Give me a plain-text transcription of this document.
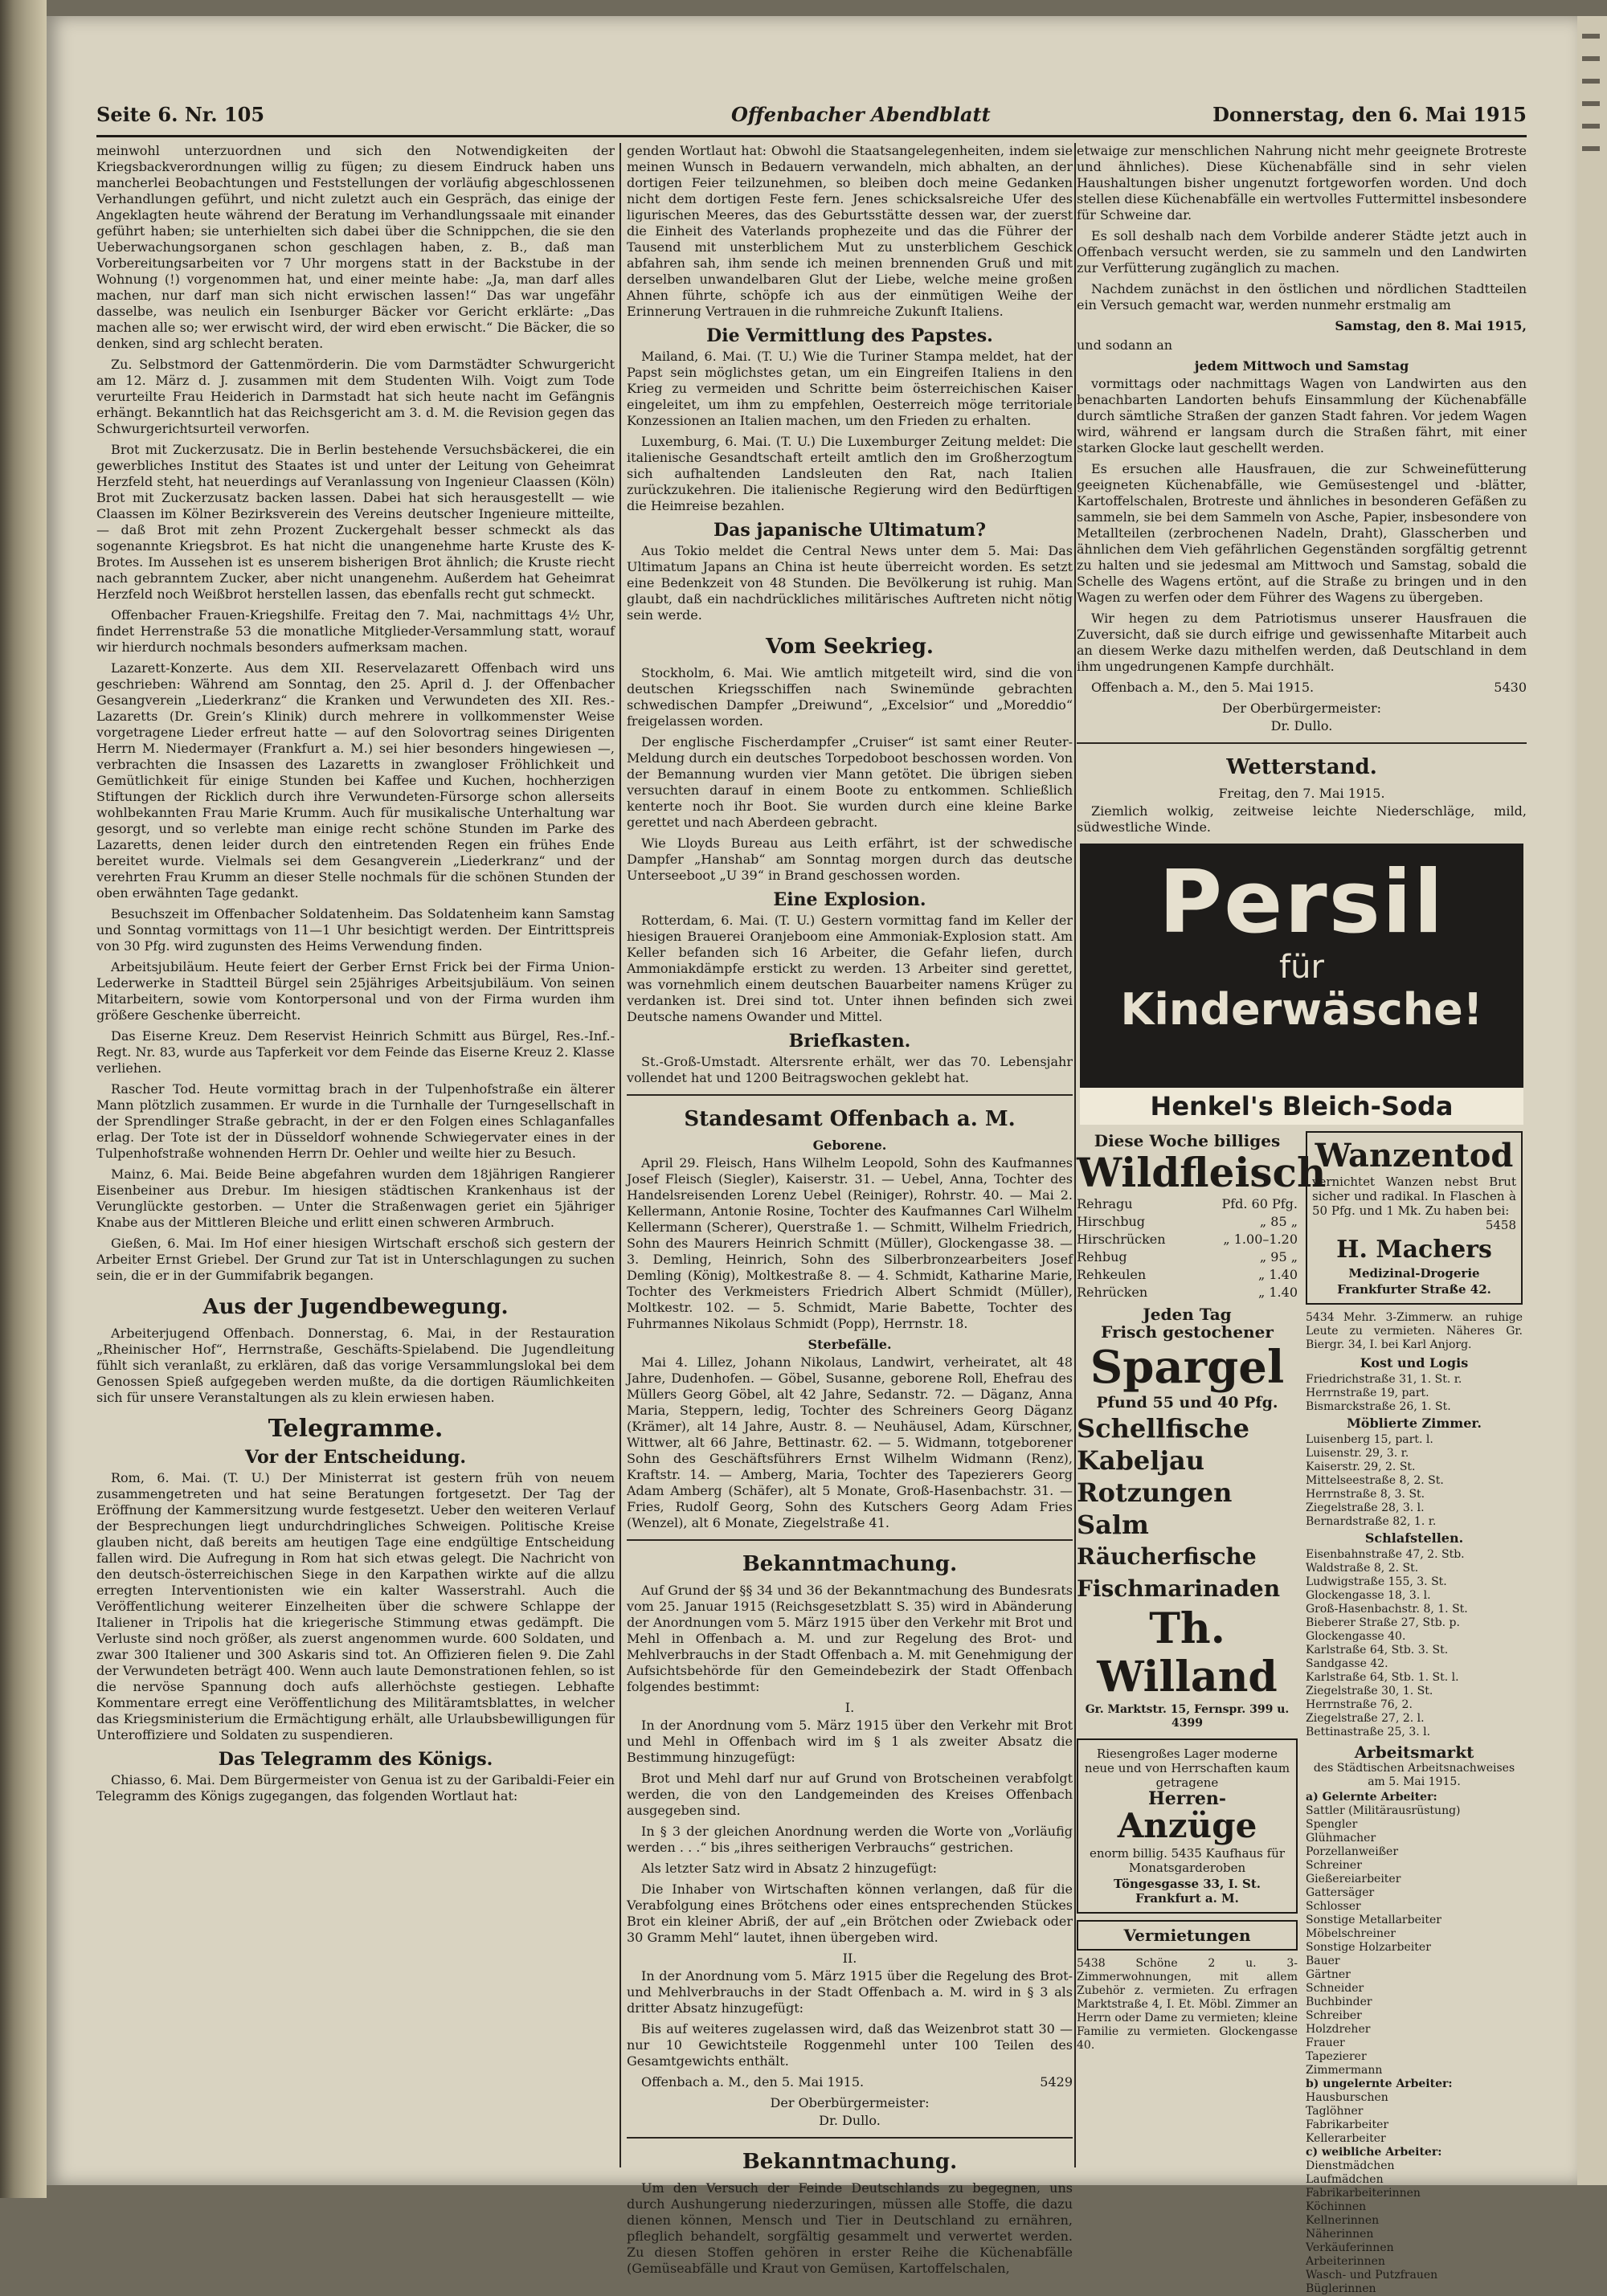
Seite 6. Nr. 105	Offenbacher Abendblatt	Donnerstag, den 6. Mai 1915

meinwohl unterzuordnen und sich den Notwendigkeiten der Kriegsbackverordnungen willig zu fügen; zu diesem Eindruck haben uns mancherlei Beobachtungen und Feststellungen der vorläufig abgeschlossenen Verhandlungen geführt, und nicht zuletzt auch ein Gespräch, das einige der Angeklagten heute während der Beratung im Verhandlungssaale mit einander geführt haben; sie unterhielten sich dabei über die Schnippchen, die sie den Ueberwachungsorganen schon geschlagen haben, z. B., daß man Vorbereitungsarbeiten vor 7 Uhr morgens statt in der Backstube in der Wohnung (!) vorgenommen hat, und einer meinte habe: „Ja, man darf alles machen, nur darf man sich nicht erwischen lassen!“ Das war ungefähr dasselbe, was neulich ein Isenburger Bäcker vor Gericht erklärte: „Das machen alle so; wer erwischt wird, der wird eben erwischt.“ Die Bäcker, die so denken, sind arg schlecht beraten.

Zu. Selbstmord der Gattenmörderin. Die vom Darmstädter Schwurgericht am 12. März d. J. zusammen mit dem Studenten Wilh. Voigt zum Tode verurteilte Frau Heiderich in Darmstadt hat sich heute nacht im Gefängnis erhängt. Bekanntlich hat das Reichsgericht am 3. d. M. die Revision gegen das Schwurgerichtsurteil verworfen.

Brot mit Zuckerzusatz. Die in Berlin bestehende Versuchsbäckerei, die ein gewerbliches Institut des Staates ist und unter der Leitung von Geheimrat Herzfeld steht, hat neuerdings auf Veranlassung von Ingenieur Claassen (Köln) Brot mit Zuckerzusatz backen lassen. Dabei hat sich herausgestellt — wie Claassen im Kölner Bezirksverein des Vereins deutscher Ingenieure mitteilte, — daß Brot mit zehn Prozent Zuckergehalt besser schmeckt als das sogenannte Kriegsbrot. Es hat nicht die unangenehme harte Kruste des K-Brotes. Im Aussehen ist es unserem bisherigen Brot ähnlich; die Kruste riecht nach gebranntem Zucker, aber nicht unangenehm. Außerdem hat Geheimrat Herzfeld noch Weißbrot herstellen lassen, das ebenfalls recht gut schmeckt.

Offenbacher Frauen-Kriegshilfe. Freitag den 7. Mai, nachmittags 4½ Uhr, findet Herrenstraße 53 die monatliche Mitglieder-Versammlung statt, worauf wir hierdurch nochmals besonders aufmerksam machen.

Lazarett-Konzerte. Aus dem XII. Reservelazarett Offenbach wird uns geschrieben: Während am Sonntag, den 25. April d. J. der Offenbacher Gesangverein „Liederkranz“ die Kranken und Verwundeten des XII. Res.-Lazaretts (Dr. Grein’s Klinik) durch mehrere in vollkommenster Weise vorgetragene Lieder erfreut hatte — auf den Solovortrag seines Dirigenten Herrn M. Niedermayer (Frankfurt a. M.) sei hier besonders hingewiesen —, verbrachten die Insassen des Lazaretts in zwangloser Fröhlichkeit und Gemütlichkeit für einige Stunden bei Kaffee und Kuchen, hochherzigen Stiftungen der Ricklich durch ihre Verwundeten-Fürsorge schon allerseits wohlbekannten Frau Marie Krumm. Auch für musikalische Unterhaltung war gesorgt, und so verlebte man einige recht schöne Stunden im Parke des Lazaretts, denen leider durch den eintretenden Regen ein frühes Ende bereitet wurde. Vielmals sei dem Gesangverein „Liederkranz“ und der verehrten Frau Krumm an dieser Stelle nochmals für die schönen Stunden der oben erwähnten Tage gedankt.

Besuchszeit im Offenbacher Soldatenheim. Das Soldatenheim kann Samstag und Sonntag vormittags von 11—1 Uhr besichtigt werden. Der Eintrittspreis von 30 Pfg. wird zugunsten des Heims Verwendung finden.

Arbeitsjubiläum. Heute feiert der Gerber Ernst Frick bei der Firma Union-Lederwerke in Stadtteil Bürgel sein 25jähriges Arbeitsjubiläum. Von seinen Mitarbeitern, sowie vom Kontorpersonal und von der Firma wurden ihm größere Geschenke überreicht.

Das Eiserne Kreuz. Dem Reservist Heinrich Schmitt aus Bürgel, Res.-Inf.-Regt. Nr. 83, wurde aus Tapferkeit vor dem Feinde das Eiserne Kreuz 2. Klasse verliehen.

Rascher Tod. Heute vormittag brach in der Tulpenhofstraße ein älterer Mann plötzlich zusammen. Er wurde in die Turnhalle der Turngesellschaft in der Sprendlinger Straße gebracht, in der er den Folgen eines Schlaganfalles erlag. Der Tote ist der in Düsseldorf wohnende Schwiegervater eines in der Tulpenhofstraße wohnenden Herrn Dr. Oehler und weilte hier zu Besuch.

Mainz, 6. Mai. Beide Beine abgefahren wurden dem 18jährigen Rangierer Eisenbeiner aus Drebur. Im hiesigen städtischen Krankenhaus ist der Verunglückte gestorben. — Unter die Straßenwagen geriet ein 5jähriger Knabe aus der Mittleren Bleiche und erlitt einen schweren Armbruch.

Gießen, 6. Mai. Im Hof einer hiesigen Wirtschaft erschoß sich gestern der Arbeiter Ernst Griebel. Der Grund zur Tat ist in Unterschlagungen zu suchen sein, die er in der Gummifabrik begangen.

Aus der Jugendbewegung.

Arbeiterjugend Offenbach. Donnerstag, 6. Mai, in der Restauration „Rheinischer Hof“, Herrnstraße, Geschäfts-Spielabend. Die Jugendleitung fühlt sich veranlaßt, zu erklären, daß das vorige Versammlungslokal bei dem Genossen Spieß aufgegeben werden mußte, da die dortigen Räumlichkeiten sich für unsere Veranstaltungen als zu klein erwiesen haben.

Telegramme.
Vor der Entscheidung.

Rom, 6. Mai. (T. U.) Der Ministerrat ist gestern früh von neuem zusammengetreten und hat seine Beratungen fortgesetzt. Der Tag der Eröffnung der Kammersitzung wurde festgesetzt. Ueber den weiteren Verlauf der Besprechungen liegt undurchdringliches Schweigen. Politische Kreise glauben nicht, daß bereits am heutigen Tage eine endgültige Entscheidung fallen wird. Die Aufregung in Rom hat sich etwas gelegt. Die Nachricht von den deutsch-österreichischen Siege in den Karpathen wirkte auf die allzu erregten Interventionisten wie ein kalter Wasserstrahl. Auch die Veröffentlichung weiterer Einzelheiten über die schwere Schlappe der Italiener in Tripolis hat die kriegerische Stimmung etwas gedämpft. Die Verluste sind noch größer, als zuerst angenommen wurde. 600 Soldaten, und zwar 300 Italiener und 300 Askaris sind tot. An Offizieren fielen 9. Die Zahl der Verwundeten beträgt 400. Wenn auch laute Demonstrationen fehlen, so ist die nervöse Spannung doch aufs allerhöchste gestiegen. Lebhafte Kommentare erregt eine Veröffentlichung des Militäramtsblattes, in welcher das Kriegsministerium die Ermächtigung erhält, alle Urlaubsbewilligungen für Unteroffiziere und Soldaten zu suspendieren.

Das Telegramm des Königs.

Chiasso, 6. Mai. Dem Bürgermeister von Genua ist zu der Garibaldi-Feier ein Telegramm des Königs zugegangen, das folgenden Wortlaut hat:

genden Wortlaut hat: Obwohl die Staatsangelegenheiten, indem sie meinen Wunsch in Bedauern verwandeln, mich abhalten, an der dortigen Feier teilzunehmen, so bleiben doch meine Gedanken nicht dem dortigen Feste fern. Jenes schicksalsreiche Ufer des ligurischen Meeres, das des Geburtsstätte dessen war, der zuerst die Einheit des Vaterlands prophezeite und das die Führer der Tausend mit unsterblichem Mut zu unsterblichem Geschick abfahren sah, ihm sende ich meinen brennenden Gruß und mit derselben unwandelbaren Glut der Liebe, welche meine großen Ahnen führte, schöpfe ich aus der einmütigen Weihe der Erinnerung Vertrauen in die ruhmreiche Zukunft Italiens.

Die Vermittlung des Papstes.

Mailand, 6. Mai. (T. U.) Wie die Turiner Stampa meldet, hat der Papst sein möglichstes getan, um ein Eingreifen Italiens in den Krieg zu vermeiden und Schritte beim österreichischen Kaiser eingeleitet, um ihm zu empfehlen, Oesterreich möge territoriale Konzessionen an Italien machen, um den Frieden zu erhalten.

Luxemburg, 6. Mai. (T. U.) Die Luxemburger Zeitung meldet: Die italienische Gesandtschaft erteilt amtlich den im Großherzogtum sich aufhaltenden Landsleuten den Rat, nach Italien zurückzukehren. Die italienische Regierung wird den Bedürftigen die Heimreise bezahlen.

Das japanische Ultimatum?

Aus Tokio meldet die Central News unter dem 5. Mai: Das Ultimatum Japans an China ist heute überreicht worden. Es setzt eine Bedenkzeit von 48 Stunden. Die Bevölkerung ist ruhig. Man glaubt, daß ein nachdrückliches militärisches Auftreten nicht nötig sein werde.

Vom Seekrieg.

Stockholm, 6. Mai. Wie amtlich mitgeteilt wird, sind die von deutschen Kriegsschiffen nach Swinemünde gebrachten schwedischen Dampfer „Dreiwund“, „Excelsior“ und „Moreddio“ freigelassen worden.

Der englische Fischerdampfer „Cruiser“ ist samt einer Reuter-Meldung durch ein deutsches Torpedoboot beschossen worden. Von der Bemannung wurden vier Mann getötet. Die übrigen sieben versuchten darauf in einem Boote zu entkommen. Schließlich kenterte noch ihr Boot. Sie wurden durch eine kleine Barke gerettet und nach Aberdeen gebracht.

Wie Lloyds Bureau aus Leith erfährt, ist der schwedische Dampfer „Hanshab“ am Sonntag morgen durch das deutsche Unterseeboot „U 39“ in Brand geschossen worden.

Eine Explosion.

Rotterdam, 6. Mai. (T. U.) Gestern vormittag fand im Keller der hiesigen Brauerei Oranjeboom eine Ammoniak-Explosion statt. Am Keller befanden sich 16 Arbeiter, die Gefahr liefen, durch Ammoniakdämpfe erstickt zu werden. 13 Arbeiter sind gerettet, was vornehmlich einem deutschen Bauarbeiter namens Krüger zu verdanken ist. Drei sind tot. Unter ihnen befinden sich zwei Deutsche namens Owander und Mittel.

Briefkasten.

St.-Groß-Umstadt. Altersrente erhält, wer das 70. Lebensjahr vollendet hat und 1200 Beitragswochen geklebt hat.

Standesamt Offenbach a. M.
Geborene.

April 29. Fleisch, Hans Wilhelm Leopold, Sohn des Kaufmannes Josef Fleisch (Siegler), Kaiserstr. 31. — Uebel, Anna, Tochter des Handelsreisenden Lorenz Uebel (Reiniger), Rohrstr. 40. — Mai 2. Kellermann, Antonie Rosine, Tochter des Kaufmannes Carl Wilhelm Kellermann (Scherer), Querstraße 1. — Schmitt, Wilhelm Friedrich, Sohn des Maurers Heinrich Schmitt (Müller), Glockengasse 38. — 3. Demling, Heinrich, Sohn des Silberbronzearbeiters Josef Demling (König), Moltkestraße 8. — 4. Schmidt, Katharine Marie, Tochter des Verkmeisters Friedrich Albert Schmidt (Müller), Moltkestr. 102. — 5. Schmidt, Marie Babette, Tochter des Fuhrmannes Nikolaus Schmidt (Popp), Herrnstr. 18.

Sterbefälle.

Mai 4. Lillez, Johann Nikolaus, Landwirt, verheiratet, alt 48 Jahre, Dudenhofen. — Göbel, Susanne, geborene Roll, Ehefrau des Müllers Georg Göbel, alt 42 Jahre, Sedanstr. 72. — Däganz, Anna Maria, Steppern, ledig, Tochter des Schreiners Georg Däganz (Krämer), alt 14 Jahre, Austr. 8. — Neuhäusel, Adam, Kürschner, Wittwer, alt 66 Jahre, Bettinastr. 62. — 5. Widmann, totgeborener Sohn des Geschäftsführers Ernst Wilhelm Widmann (Renz), Kraftstr. 14. — Amberg, Maria, Tochter des Tapezierers Georg Adam Amberg (Schäfer), alt 5 Monate, Groß-Hasenbachstr. 31. — Fries, Rudolf Georg, Sohn des Kutschers Georg Adam Fries (Wenzel), alt 6 Monate, Ziegelstraße 41.

Bekanntmachung.

Auf Grund der §§ 34 und 36 der Bekanntmachung des Bundesrats vom 25. Januar 1915 (Reichsgesetzblatt S. 35) wird in Abänderung der Anordnungen vom 5. März 1915 über den Verkehr mit Brot und Mehl in Offenbach a. M. und zur Regelung des Brot- und Mehlverbrauchs in der Stadt Offenbach a. M. mit Genehmigung der Aufsichtsbehörde für den Gemeindebezirk der Stadt Offenbach folgendes bestimmt:

I.

In der Anordnung vom 5. März 1915 über den Verkehr mit Brot und Mehl in Offenbach wird im § 1 als zweiter Absatz die Bestimmung hinzugefügt:

Brot und Mehl darf nur auf Grund von Brotscheinen verabfolgt werden, die von den Landgemeinden des Kreises Offenbach ausgegeben sind.

In § 3 der gleichen Anordnung werden die Worte von „Vorläufig werden . . .“ bis „ihres seitherigen Verbrauchs“ gestrichen.

Als letzter Satz wird in Absatz 2 hinzugefügt:

Die Inhaber von Wirtschaften können verlangen, daß für die Verabfolgung eines Brötchens oder eines entsprechenden Stückes Brot ein kleiner Abriß, der auf „ein Brötchen oder Zwieback oder 30 Gramm Mehl“ lautet, ihnen übergeben wird.

II.

In der Anordnung vom 5. März 1915 über die Regelung des Brot- und Mehlverbrauchs in der Stadt Offenbach a. M. wird in § 3 als dritter Absatz hinzugefügt:

Bis auf weiteres zugelassen wird, daß das Weizenbrot statt 30 — nur 10 Gewichtsteile Roggenmehl unter 100 Teilen des Gesamtgewichts enthält.

Offenbach a. M., den 5. Mai 1915.	5429

Der Oberbürgermeister:
Dr. Dullo.
Bekanntmachung.

Um den Versuch der Feinde Deutschlands zu begegnen, uns durch Aushungerung niederzuringen, müssen alle Stoffe, die dazu dienen können, Mensch und Tier in Deutschland zu ernähren, pfleglich behandelt, sorgfältig gesammelt und verwertet werden. Zu diesen Stoffen gehören in erster Reihe die Küchenabfälle (Gemüseabfälle und Kraut von Gemüsen, Kartoffelschalen,

etwaige zur menschlichen Nahrung nicht mehr geeignete Brotreste und ähnliches). Diese Küchenabfälle sind in sehr vielen Haushaltungen bisher ungenutzt fortgeworfen worden. Und doch stellen diese Küchenabfälle ein wertvolles Futtermittel insbesondere für Schweine dar.

Es soll deshalb nach dem Vorbilde anderer Städte jetzt auch in Offenbach versucht werden, sie zu sammeln und den Landwirten zur Verfütterung zugänglich zu machen.

Nachdem zunächst in den östlichen und nördlichen Stadtteilen ein Versuch gemacht war, werden nunmehr erstmalig am

Samstag, den 8. Mai 1915,

und sodann an

jedem Mittwoch und Samstag

vormittags oder nachmittags Wagen von Landwirten aus den benachbarten Landorten behufs Einsammlung der Küchenabfälle durch sämtliche Straßen der ganzen Stadt fahren. Vor jedem Wagen wird, während er langsam durch die Straßen fährt, mit einer starken Glocke laut geschellt werden.

Es ersuchen alle Hausfrauen, die zur Schweinefütterung geeigneten Küchenabfälle, wie Gemüsestengel und -blätter, Kartoffelschalen, Brotreste und ähnliches in besonderen Gefäßen zu sammeln, sie bei dem Sammeln von Asche, Papier, insbesondere von Metallteilen (zerbrochenen Nadeln, Draht), Glasscherben und ähnlichen dem Vieh gefährlichen Gegenständen sorgfältig getrennt zu halten und sie jedesmal am Mittwoch und Samstag, sobald die Schelle des Wagens ertönt, auf die Straße zu bringen und in den Wagen zu werfen oder dem Führer des Wagens zu übergeben.

Wir hegen zu dem Patriotismus unserer Hausfrauen die Zuversicht, daß sie durch eifrige und gewissenhafte Mitarbeit auch an diesem Werke dazu mithelfen werden, daß Deutschland in dem ihm ungedrungenen Kampfe durchhält.

Offenbach a. M., den 5. Mai 1915.	5430

Der Oberbürgermeister:
Dr. Dullo.
Wetterstand.
Freitag, den 7. Mai 1915.

Ziemlich wolkig, zeitweise leichte Niederschläge, mild, südwestliche Winde.

Persil
für
Kinderwäsche!
Henkel's Bleich-Soda
Diese Woche billiges
Wildfleisch
Rehragu	Pfd. 60 Pfg.
Hirschbug	„ 85 „
Hirschrücken	„ 1.00–1.20
Rehbug	„ 95 „
Rehkeulen	„ 1.40
Rehrücken	„ 1.40
Jeden Tag
Frisch gestochener
Spargel
Pfund 55 und 40 Pfg.
Schellfische
Kabeljau
Rotzungen
Salm
Räucherfische
Fischmarinaden
Th. Willand
Gr. Marktstr. 15, Fernspr. 399 u. 4399
Riesengroßes Lager moderne neue und von Herrschaften kaum getragene
Herren-
Anzüge
enorm billig. 5435 Kaufhaus für Monatsgarderoben
Töngesgasse 33, I. St. Frankfurt a. M.
Vermietungen
5438 Schöne 2 u. 3-Zimmerwohnungen, mit allem Zubehör z. vermieten. Zu erfragen Marktstraße 4, I. Et. Möbl. Zimmer an Herrn oder Dame zu vermieten; kleine Familie zu vermieten. Glockengasse 40.
Wanzentod
vernichtet Wanzen nebst Brut sicher und radikal. In Flaschen à 50 Pfg. und 1 Mk. Zu haben bei:
5458
H. Machers
Medizinal-Drogerie
Frankfurter Straße 42.
5434 Mehr. 3-Zimmerw. an ruhige Leute zu vermieten. Näheres Gr. Biergr. 34, I. bei Karl Anjorg.
Kost und Logis
Friedrichstraße 31, 1. St. r.
Herrnstraße 19, part.
Bismarckstraße 26, 1. St.
Möblierte Zimmer.
Luisenberg 15, part. l.
Luisenstr. 29, 3. r.
Kaiserstr. 29, 2. St.
Mittelseestraße 8, 2. St.
Herrnstraße 8, 3. St.
Ziegelstraße 28, 3. l.
Bernardstraße 82, 1. r.
Schlafstellen.
Eisenbahnstraße 47, 2. Stb.
Waldstraße 8, 2. St.
Ludwigstraße 155, 3. St.
Glockengasse 18, 3. l.
Groß-Hasenbachstr. 8, 1. St.
Bieberer Straße 27, Stb. p.
Glockengasse 40.
Karlstraße 64, Stb. 3. St.
Sandgasse 42.
Karlstraße 64, Stb. 1. St. l.
Ziegelstraße 30, 1. St.
Herrnstraße 76, 2.
Ziegelstraße 27, 2. l.
Bettinastraße 25, 3. l.
Arbeitsmarkt
des Städtischen Arbeitsnachweises am 5. Mai 1915.
a) Gelernte Arbeiter:
Sattler (Militärausrüstung)
Spengler
Glühmacher
Porzellanweißer
Schreiner
Gießereiarbeiter
Gattersäger
Schlosser
Sonstige Metallarbeiter
Möbelschreiner
Sonstige Holzarbeiter
Bauer
Gärtner
Schneider
Buchbinder
Schreiber
Holzdreher
Frauer
Tapezierer
Zimmermann
b) ungelernte Arbeiter:
Hausburschen
Taglöhner
Fabrikarbeiter
Kellerarbeiter
c) weibliche Arbeiter:
Dienstmädchen
Laufmädchen
Fabrikarbeiterinnen
Köchinnen
Kellnerinnen
Näherinnen
Verkäuferinnen
Arbeiterinnen
Wasch- und Putzfrauen
Büglerinnen
